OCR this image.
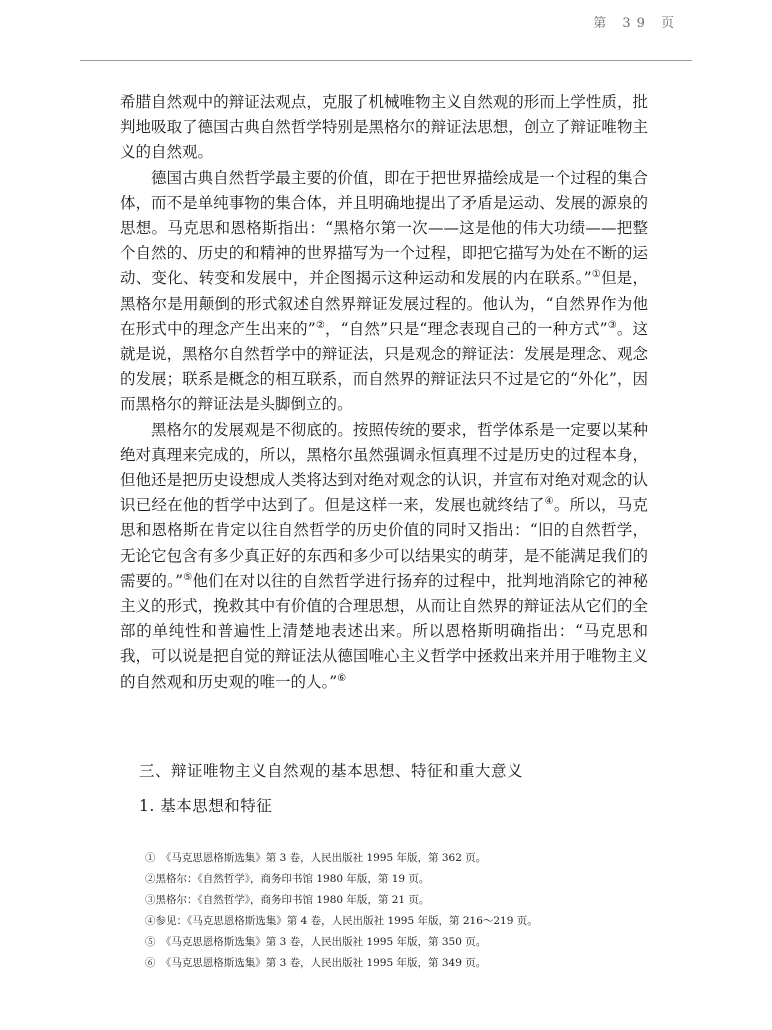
第 39 页

希腊自然观中的辩证法观点，克服了机械唯物主义自然观的形而上学性质，批判地吸取了德国古典自然哲学特别是黑格尔的辩证法思想，创立了辩证唯物主义的自然观。

德国古典自然哲学最主要的价值，即在于把世界描绘成是一个过程的集合体，而不是单纯事物的集合体，并且明确地提出了矛盾是运动、发展的源泉的思想。马克思和恩格斯指出：“黑格尔第一次——这是他的伟大功绩——把整个自然的、历史的和精神的世界描写为一个过程，即把它描写为处在不断的运动、变化、转变和发展中，并企图揭示这种运动和发展的内在联系。”①但是，黑格尔是用颠倒的形式叙述自然界辩证发展过程的。他认为，“自然界作为他在形式中的理念产生出来的”②，“自然”只是“理念表现自己的一种方式”③。这就是说，黑格尔自然哲学中的辩证法，只是观念的辩证法：发展是理念、观念的发展；联系是概念的相互联系，而自然界的辩证法只不过是它的“外化”，因而黑格尔的辩证法是头脚倒立的。

黑格尔的发展观是不彻底的。按照传统的要求，哲学体系是一定要以某种绝对真理来完成的，所以，黑格尔虽然强调永恒真理不过是历史的过程本身，但他还是把历史设想成人类将达到对绝对观念的认识，并宣布对绝对观念的认识已经在他的哲学中达到了。但是这样一来，发展也就终结了④。所以，马克思和恩格斯在肯定以往自然哲学的历史价值的同时又指出：“旧的自然哲学，无论它包含有多少真正好的东西和多少可以结果实的萌芽，是不能满足我们的需要的。”⑤他们在对以往的自然哲学进行扬弃的过程中，批判地消除它的神秘主义的形式，挽救其中有价值的合理思想，从而让自然界的辩证法从它们的全部的单纯性和普遍性上清楚地表述出来。所以恩格斯明确指出：“马克思和我，可以说是把自觉的辩证法从德国唯心主义哲学中拯救出来并用于唯物主义的自然观和历史观的唯一的人。”⑥

三、辩证唯物主义自然观的基本思想、特征和重大意义

1. 基本思想和特征

①　《马克思恩格斯选集》第 3 卷，人民出版社 1995 年版，第 362 页。
②黑格尔：《自然哲学》，商务印书馆 1980 年版，第 19 页。
③黑格尔：《自然哲学》，商务印书馆 1980 年版，第 21 页。
④参见：《马克思恩格斯选集》第 4 卷，人民出版社 1995 年版，第 216～219 页。
⑤　《马克思恩格斯选集》第 3 卷，人民出版社 1995 年版，第 350 页。
⑥　《马克思恩格斯选集》第 3 卷，人民出版社 1995 年版，第 349 页。
